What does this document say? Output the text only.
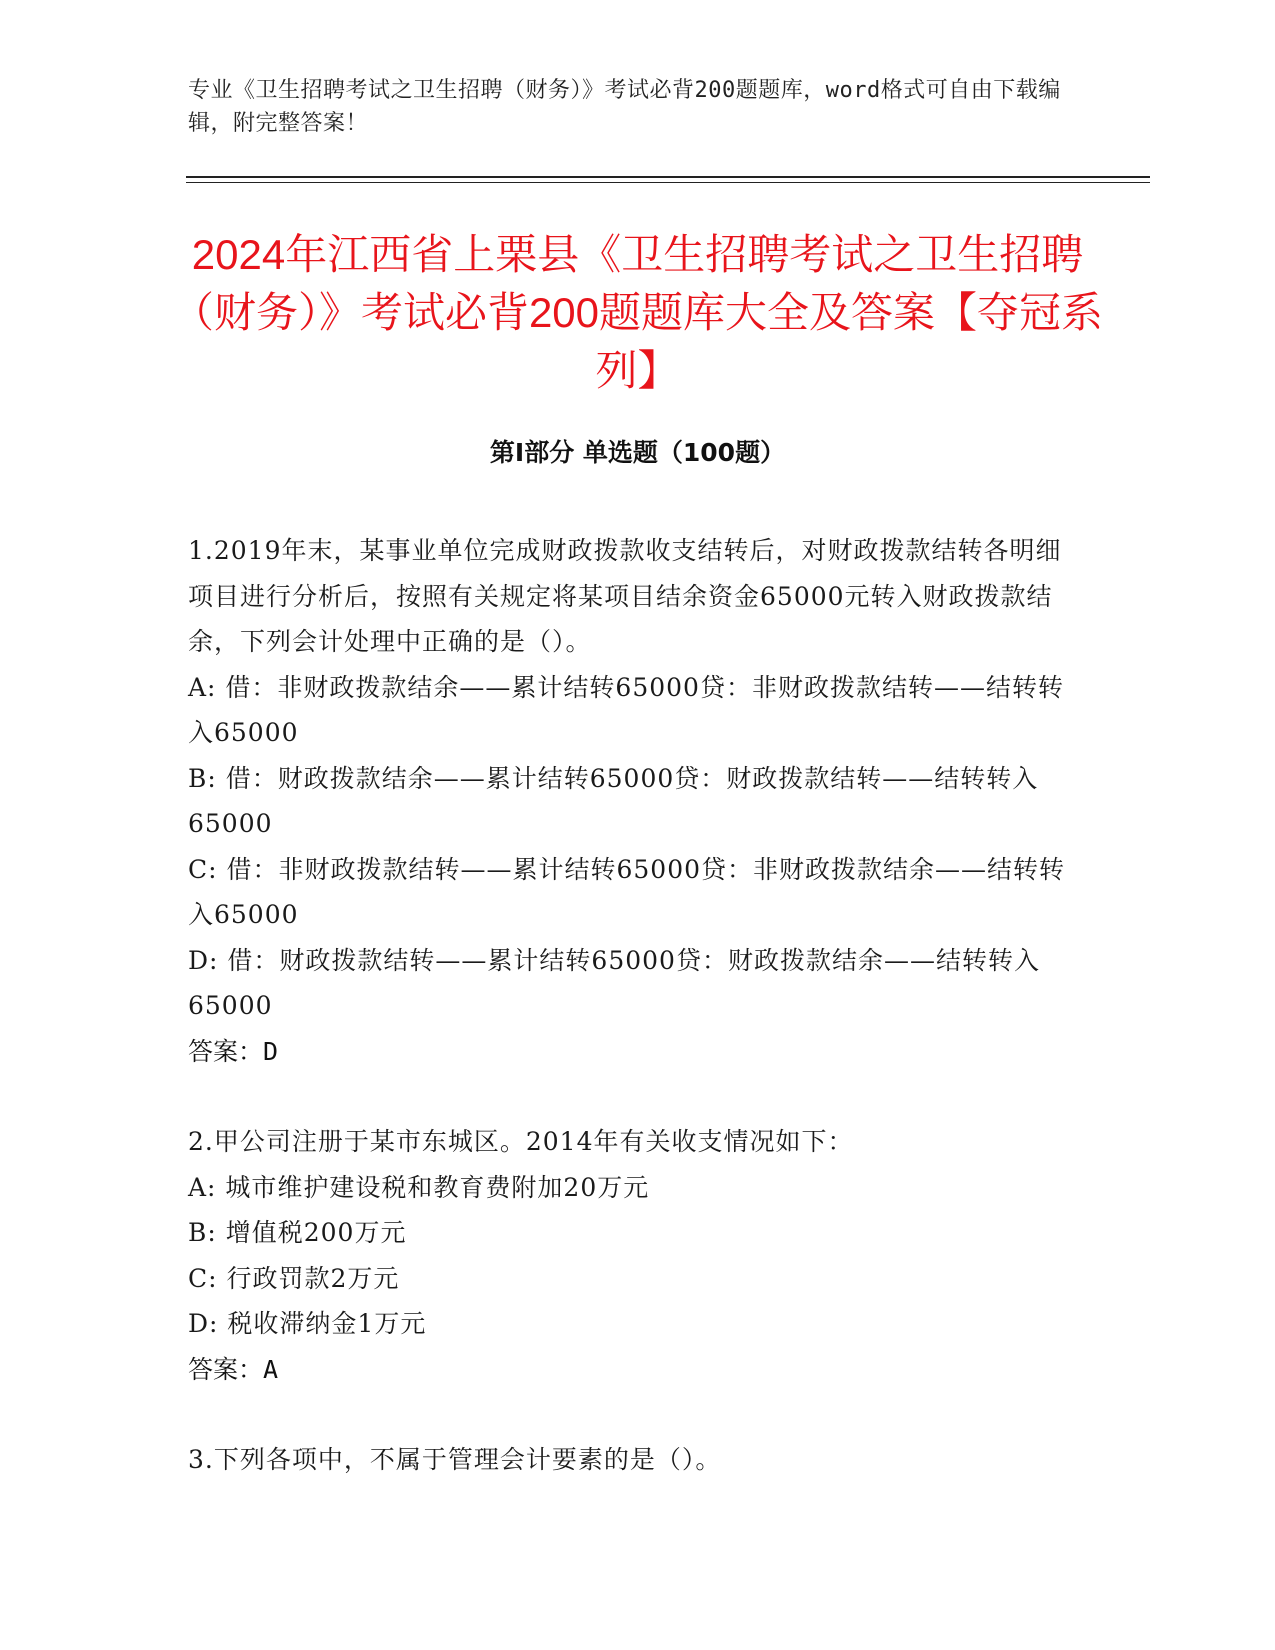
专业《卫生招聘考试之卫生招聘（财务）》考试必背200题题库，word格式可自由下载编辑，附完整答案！
2024年江西省上栗县《卫生招聘考试之卫生招聘（财务）》考试必背200题题库大全及答案【夺冠系列】
第I部分 单选题（100题）

1.2019年末，某事业单位完成财政拨款收支结转后，对财政拨款结转各明细项目进行分析后，按照有关规定将某项目结余资金65000元转入财政拨款结余，下列会计处理中正确的是（）。

A: 借：非财政拨款结余——累计结转65000贷：非财政拨款结转——结转转入65000

B: 借：财政拨款结余——累计结转65000贷：财政拨款结转——结转转入65000

C: 借：非财政拨款结转——累计结转65000贷：非财政拨款结余——结转转入65000

D: 借：财政拨款结转——累计结转65000贷：财政拨款结余——结转转入65000

答案：D

2.甲公司注册于某市东城区。2014年有关收支情况如下：

A: 城市维护建设税和教育费附加20万元

B: 增值税200万元

C: 行政罚款2万元

D: 税收滞纳金1万元

答案：A

3.下列各项中，不属于管理会计要素的是（）。
